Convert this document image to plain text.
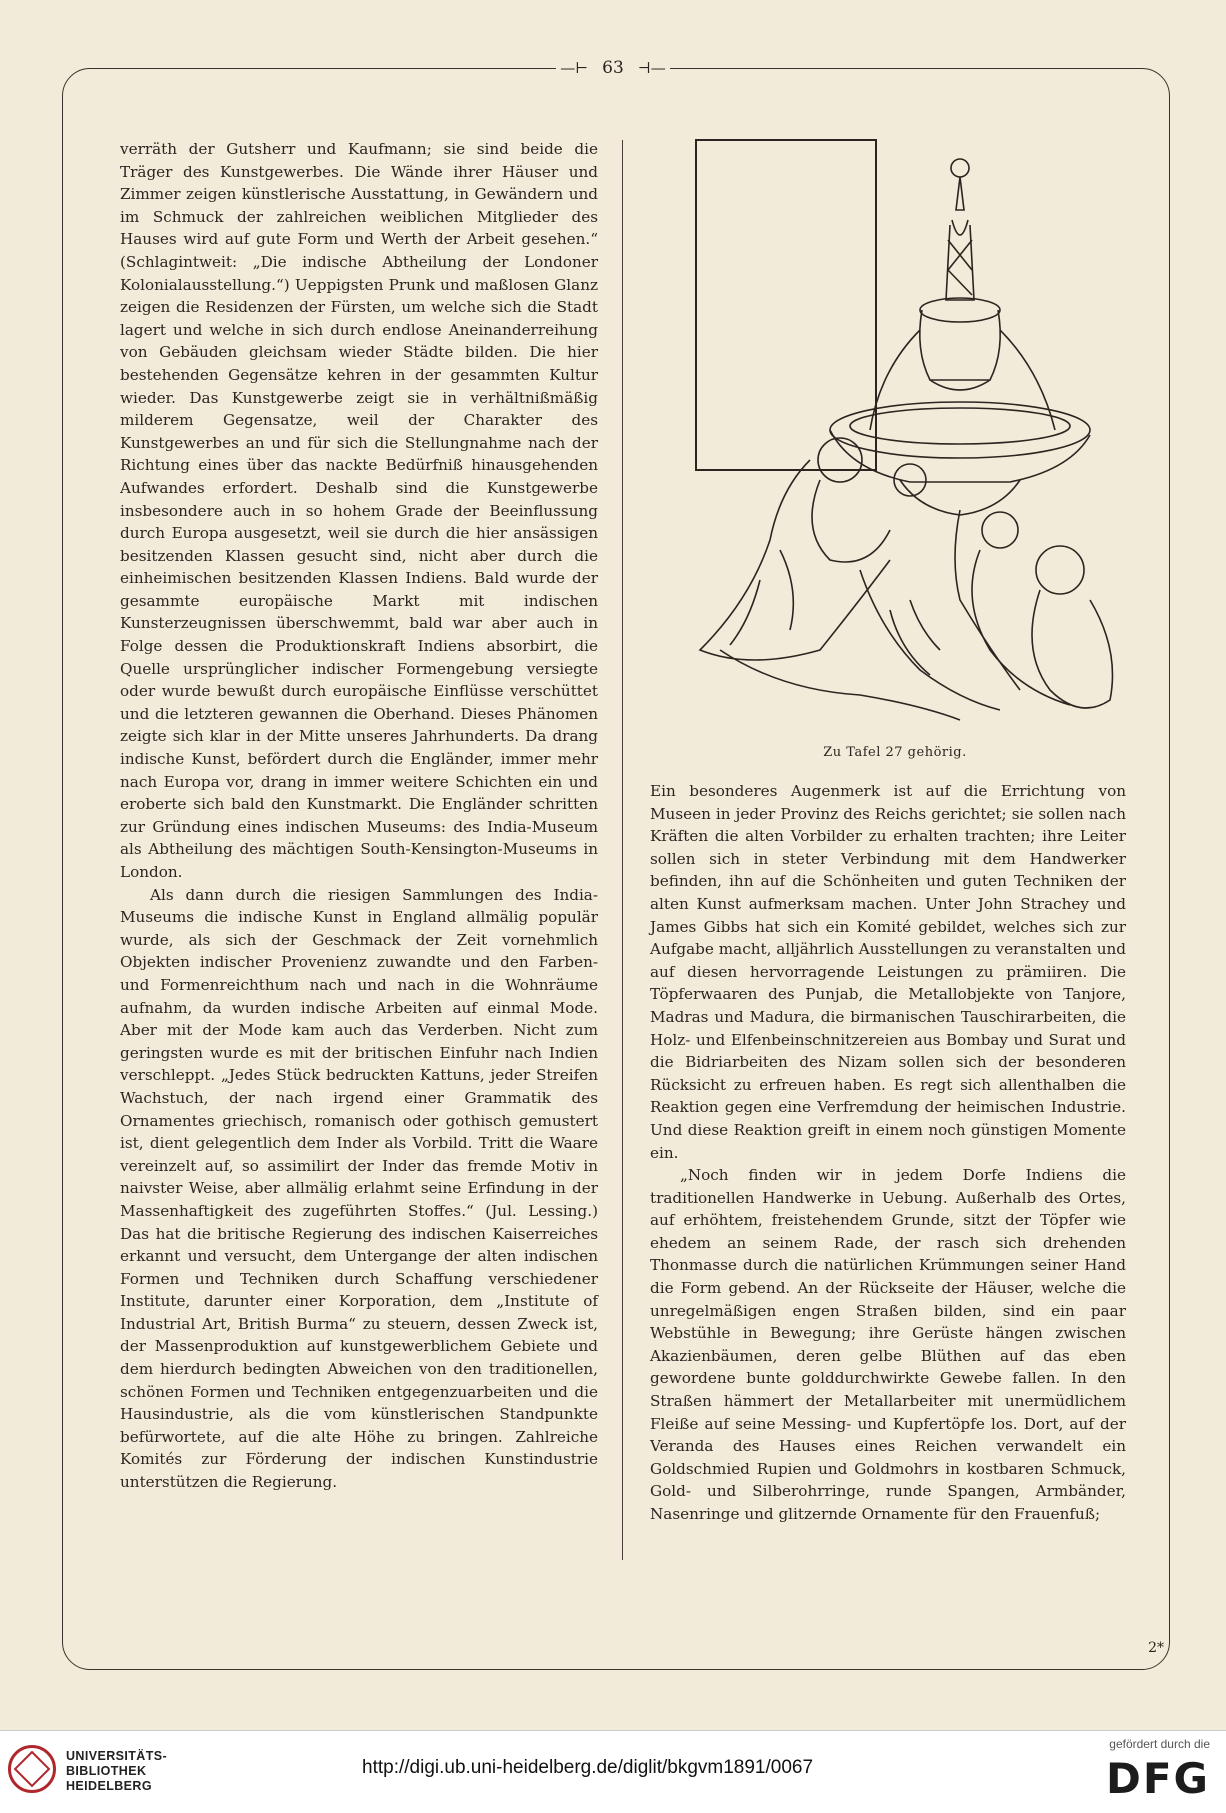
—⊢ 63 ⊣—

verräth der Gutsherr und Kaufmann; sie sind beide die Träger des Kunstgewerbes. Die Wände ihrer Häuser und Zimmer zeigen künstlerische Ausstattung, in Gewändern und im Schmuck der zahlreichen weiblichen Mitglieder des Hauses wird auf gute Form und Werth der Arbeit gesehen.“ (Schlagintweit: „Die indische Abtheilung der Londoner Kolonialausstellung.“) Ueppigsten Prunk und maßlosen Glanz zeigen die Residenzen der Fürsten, um welche sich die Stadt lagert und welche in sich durch endlose Aneinanderreihung von Gebäuden gleichsam wieder Städte bilden. Die hier bestehenden Gegensätze kehren in der gesammten Kultur wieder. Das Kunstgewerbe zeigt sie in verhältnißmäßig milderem Gegensatze, weil der Charakter des Kunstgewerbes an und für sich die Stellungnahme nach der Richtung eines über das nackte Bedürfniß hinausgehenden Aufwandes erfordert. Deshalb sind die Kunstgewerbe insbesondere auch in so hohem Grade der Beeinflussung durch Europa ausgesetzt, weil sie durch die hier ansässigen besitzenden Klassen gesucht sind, nicht aber durch die einheimischen besitzenden Klassen Indiens. Bald wurde der gesammte europäische Markt mit indischen Kunsterzeugnissen überschwemmt, bald war aber auch in Folge dessen die Produktionskraft Indiens absorbirt, die Quelle ursprünglicher indischer Formengebung versiegte oder wurde bewußt durch europäische Einflüsse verschüttet und die letzteren gewannen die Oberhand. Dieses Phänomen zeigte sich klar in der Mitte unseres Jahrhunderts. Da drang indische Kunst, befördert durch die Engländer, immer mehr nach Europa vor, drang in immer weitere Schichten ein und eroberte sich bald den Kunstmarkt. Die Engländer schritten zur Gründung eines indischen Museums: des India-Museum als Abtheilung des mächtigen South-Kensington-Museums in London.

Als dann durch die riesigen Sammlungen des India-Museums die indische Kunst in England allmälig populär wurde, als sich der Geschmack der Zeit vornehmlich Objekten indischer Provenienz zuwandte und den Farben- und Formenreichthum nach und nach in die Wohnräume aufnahm, da wurden indische Arbeiten auf einmal Mode. Aber mit der Mode kam auch das Verderben. Nicht zum geringsten wurde es mit der britischen Einfuhr nach Indien verschleppt. „Jedes Stück bedruckten Kattuns, jeder Streifen Wachstuch, der nach irgend einer Grammatik des Ornamentes griechisch, romanisch oder gothisch gemustert ist, dient gelegentlich dem Inder als Vorbild. Tritt die Waare vereinzelt auf, so assimilirt der Inder das fremde Motiv in naivster Weise, aber allmälig erlahmt seine Erfindung in der Massenhaftigkeit des zugeführten Stoffes.“ (Jul. Lessing.) Das hat die britische Regierung des indischen Kaiserreiches erkannt und versucht, dem Untergange der alten indischen Formen und Techniken durch Schaffung verschiedener Institute, darunter einer Korporation, dem „Institute of Industrial Art, British Burma“ zu steuern, dessen Zweck ist, der Massenproduktion auf kunstgewerblichem Gebiete und dem hierdurch bedingten Abweichen von den traditionellen, schönen Formen und Techniken entgegenzuarbeiten und die Hausindustrie, als die vom künstlerischen Standpunkte befürwortete, auf die alte Höhe zu bringen. Zahlreiche Komités zur Förderung der indischen Kunstindustrie unterstützen die Regierung.

Zu Tafel 27 gehörig.

Ein besonderes Augenmerk ist auf die Errichtung von Museen in jeder Provinz des Reichs gerichtet; sie sollen nach Kräften die alten Vorbilder zu erhalten trachten; ihre Leiter sollen sich in steter Verbindung mit dem Handwerker befinden, ihn auf die Schönheiten und guten Techniken der alten Kunst aufmerksam machen. Unter John Strachey und James Gibbs hat sich ein Komité gebildet, welches sich zur Aufgabe macht, alljährlich Ausstellungen zu veranstalten und auf diesen hervorragende Leistungen zu prämiiren. Die Töpferwaaren des Punjab, die Metallobjekte von Tanjore, Madras und Madura, die birmanischen Tauschirarbeiten, die Holz- und Elfenbeinschnitzereien aus Bombay und Surat und die Bidriarbeiten des Nizam sollen sich der besonderen Rücksicht zu erfreuen haben. Es regt sich allenthalben die Reaktion gegen eine Verfremdung der heimischen Industrie. Und diese Reaktion greift in einem noch günstigen Momente ein.

„Noch finden wir in jedem Dorfe Indiens die traditionellen Handwerke in Uebung. Außerhalb des Ortes, auf erhöhtem, freistehendem Grunde, sitzt der Töpfer wie ehedem an seinem Rade, der rasch sich drehenden Thonmasse durch die natürlichen Krümmungen seiner Hand die Form gebend. An der Rückseite der Häuser, welche die unregelmäßigen engen Straßen bilden, sind ein paar Webstühle in Bewegung; ihre Gerüste hängen zwischen Akazienbäumen, deren gelbe Blüthen auf das eben gewordene bunte golddurchwirkte Gewebe fallen. In den Straßen hämmert der Metallarbeiter mit unermüdlichem Fleiße auf seine Messing- und Kupfertöpfe los. Dort, auf der Veranda des Hauses eines Reichen verwandelt ein Goldschmied Rupien und Goldmohrs in kostbaren Schmuck, Gold- und Silberohrringe, runde Spangen, Armbänder, Nasenringe und glitzernde Ornamente für den Frauenfuß;

2*
UNIVERSITÄTS-
BIBLIOTHEK
HEIDELBERG
http://digi.ub.uni-heidelberg.de/diglit/bkgvm1891/0067
gefördert durch die
DFG
